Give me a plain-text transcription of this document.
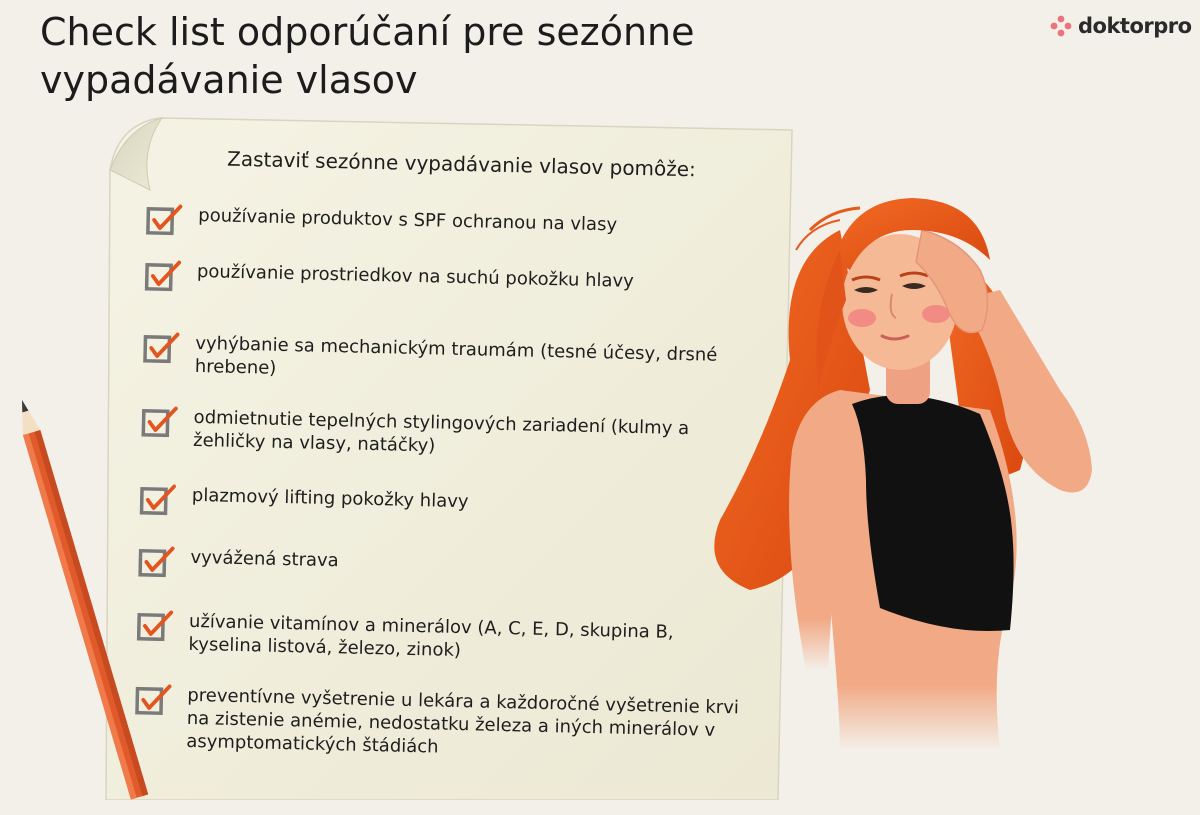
Check list odporúčaní pre sezónne vypadávanie vlasov
doktorpro
Zastaviť sezónne vypadávanie vlasov pomôže:
používanie produktov s SPF ochranou na vlasy
používanie prostriedkov na suchú pokožku hlavy
vyhýbanie sa mechanickým traumám (tesné účesy, drsné hrebene)
odmietnutie tepelných stylingových zariadení (kulmy a žehličky na vlasy, natáčky)
plazmový lifting pokožky hlavy
vyvážená strava
užívanie vitamínov a minerálov (A, C, E, D, skupina B, kyselina listová, železo, zinok)
preventívne vyšetrenie u lekára a každoročné vyšetrenie krvi na zistenie anémie, nedostatku železa a iných minerálov v asymptomatických štádiách
